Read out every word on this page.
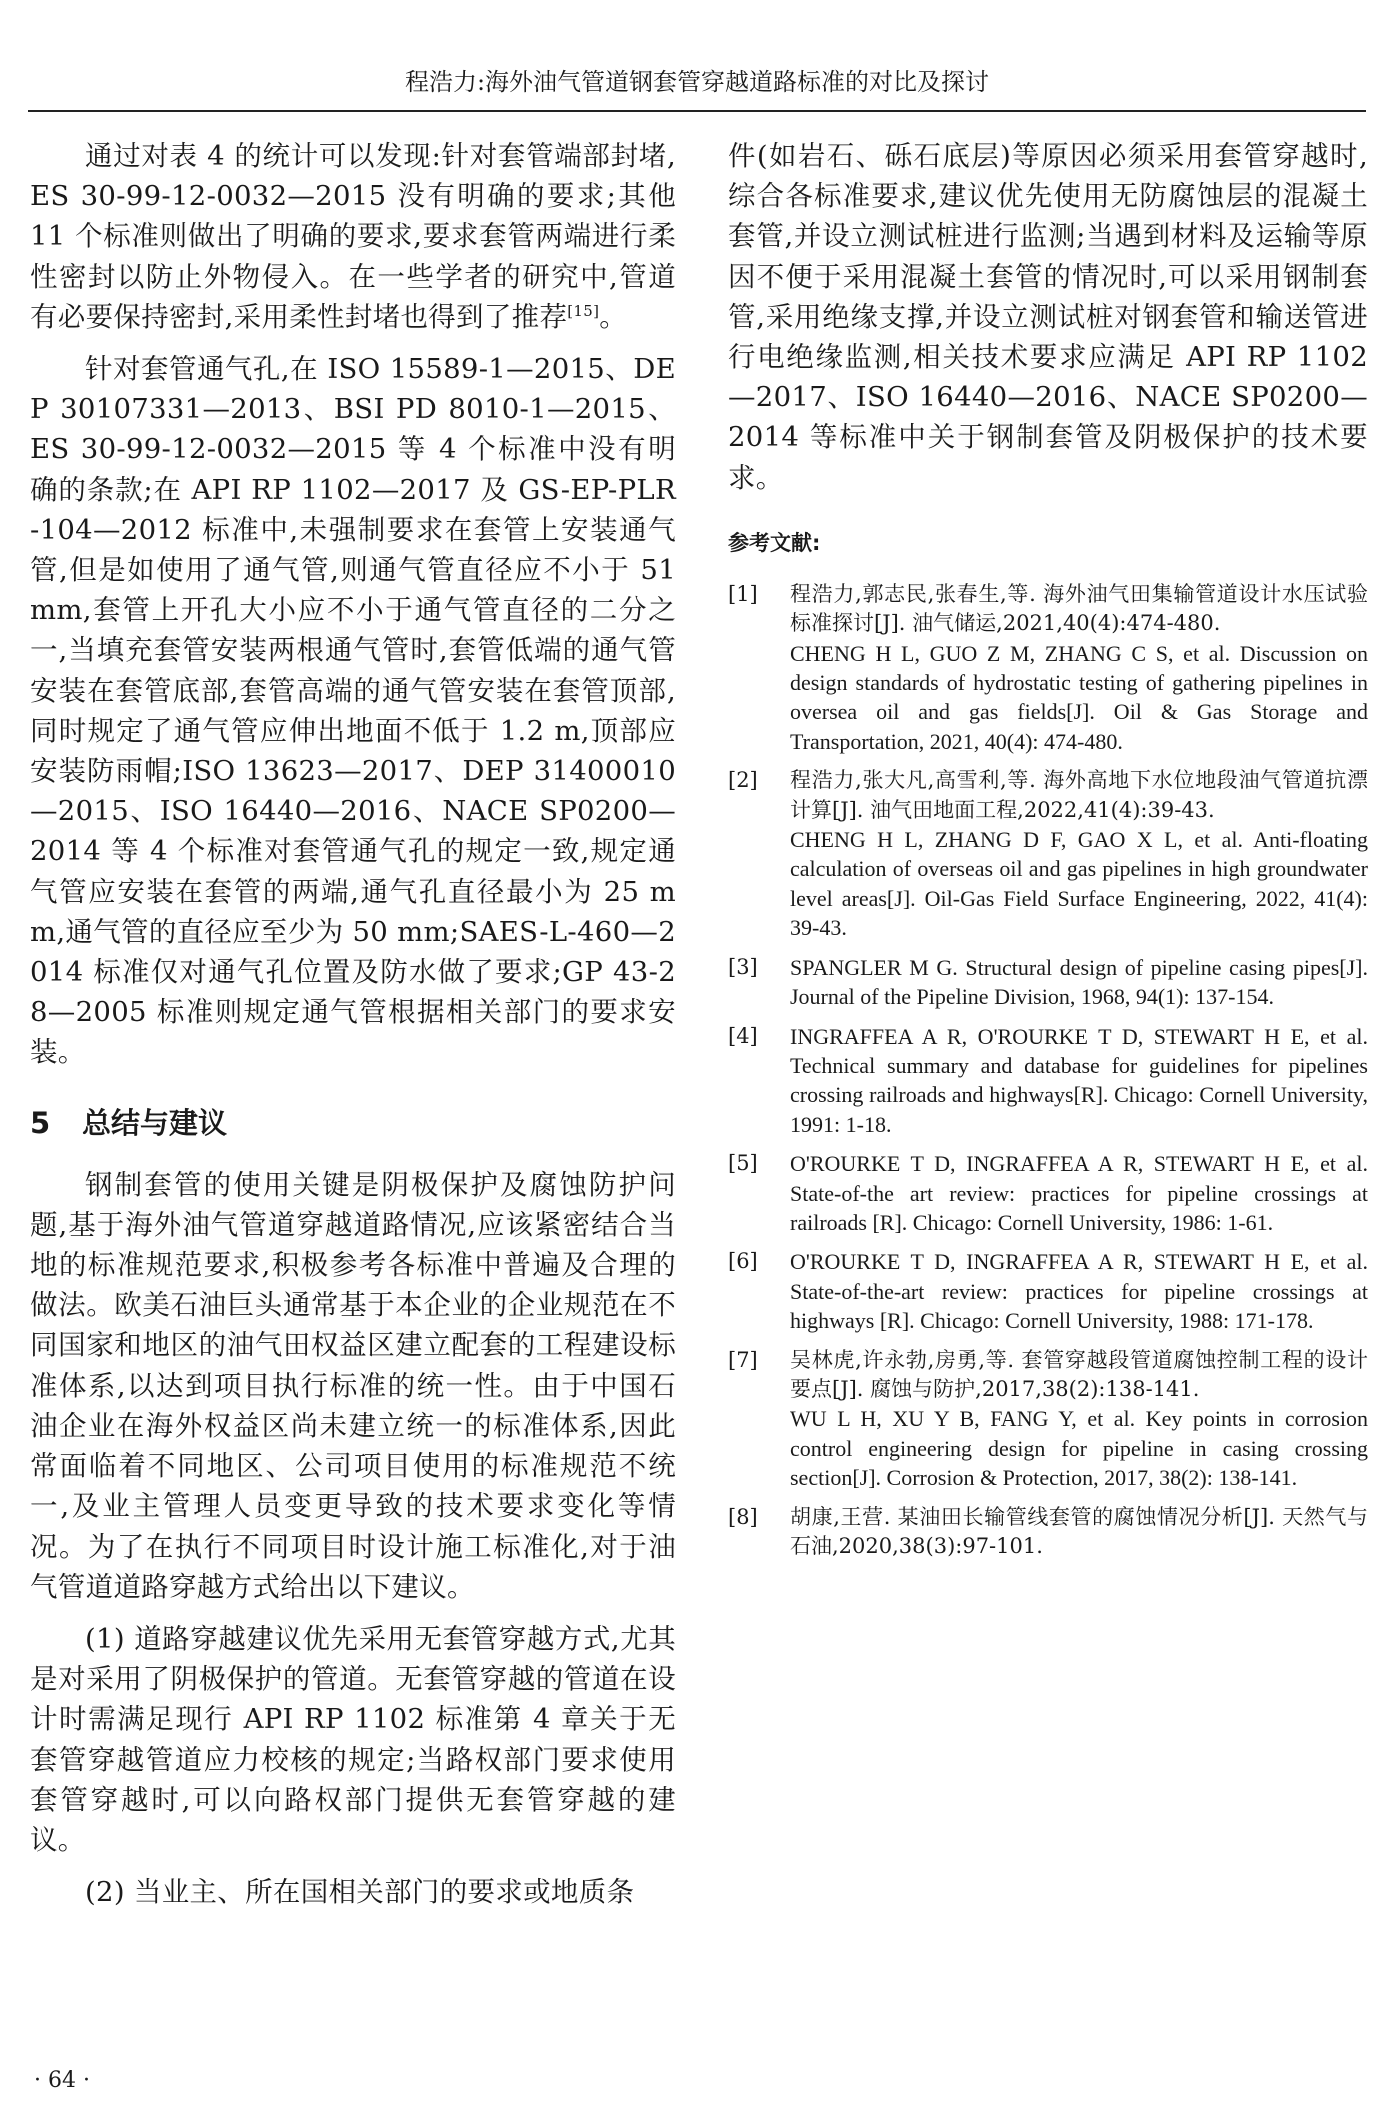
程浩力:海外油气管道钢套管穿越道路标准的对比及探讨

通过对表 4 的统计可以发现:针对套管端部封堵,ES 30-99-12-0032—2015 没有明确的要求;其他 11 个标准则做出了明确的要求,要求套管两端进行柔性密封以防止外物侵入。在一些学者的研究中,管道有必要保持密封,采用柔性封堵也得到了推荐[15]。

针对套管通气孔,在 ISO 15589-1—2015、DEP 30107331—2013、BSI PD 8010-1—2015、ES 30-99-12-0032—2015 等 4 个标准中没有明确的条款;在 API RP 1102—2017 及 GS-EP-PLR-104—2012 标准中,未强制要求在套管上安装通气管,但是如使用了通气管,则通气管直径应不小于 51 mm,套管上开孔大小应不小于通气管直径的二分之一,当填充套管安装两根通气管时,套管低端的通气管安装在套管底部,套管高端的通气管安装在套管顶部,同时规定了通气管应伸出地面不低于 1.2 m,顶部应安装防雨帽;ISO 13623—2017、DEP 31400010—2015、ISO 16440—2016、NACE SP0200—2014 等 4 个标准对套管通气孔的规定一致,规定通气管应安装在套管的两端,通气孔直径最小为 25 mm,通气管的直径应至少为 50 mm;SAES-L-460—2014 标准仅对通气孔位置及防水做了要求;GP 43-28—2005 标准则规定通气管根据相关部门的要求安装。

5 总结与建议

钢制套管的使用关键是阴极保护及腐蚀防护问题,基于海外油气管道穿越道路情况,应该紧密结合当地的标准规范要求,积极参考各标准中普遍及合理的做法。欧美石油巨头通常基于本企业的企业规范在不同国家和地区的油气田权益区建立配套的工程建设标准体系,以达到项目执行标准的统一性。由于中国石油企业在海外权益区尚未建立统一的标准体系,因此常面临着不同地区、公司项目使用的标准规范不统一,及业主管理人员变更导致的技术要求变化等情况。为了在执行不同项目时设计施工标准化,对于油气管道道路穿越方式给出以下建议。

(1) 道路穿越建议优先采用无套管穿越方式,尤其是对采用了阴极保护的管道。无套管穿越的管道在设计时需满足现行 API RP 1102 标准第 4 章关于无套管穿越管道应力校核的规定;当路权部门要求使用套管穿越时,可以向路权部门提供无套管穿越的建议。

(2) 当业主、所在国相关部门的要求或地质条

件(如岩石、砾石底层)等原因必须采用套管穿越时,综合各标准要求,建议优先使用无防腐蚀层的混凝土套管,并设立测试桩进行监测;当遇到材料及运输等原因不便于采用混凝土套管的情况时,可以采用钢制套管,采用绝缘支撑,并设立测试桩对钢套管和输送管进行电绝缘监测,相关技术要求应满足 API RP 1102—2017、ISO 16440—2016、NACE SP0200—2014 等标准中关于钢制套管及阴极保护的技术要求。

参考文献:
[1]	程浩力,郭志民,张春生,等. 海外油气田集输管道设计水压试验标准探讨[J]. 油气储运,2021,40(4):474-480.

CHENG H L, GUO Z M, ZHANG C S, et al. Discussion on design standards of hydrostatic testing of gathering pipelines in oversea oil and gas fields[J]. Oil & Gas Storage and Transportation, 2021, 40(4): 474-480.

[2]	程浩力,张大凡,高雪利,等. 海外高地下水位地段油气管道抗漂计算[J]. 油气田地面工程,2022,41(4):39-43.

CHENG H L, ZHANG D F, GAO X L, et al. Anti-floating calculation of overseas oil and gas pipelines in high groundwater level areas[J]. Oil-Gas Field Surface Engineering, 2022, 41(4): 39-43.

[3]	SPANGLER M G. Structural design of pipeline casing pipes[J]. Journal of the Pipeline Division, 1968, 94(1): 137-154.

[4]	INGRAFFEA A R, O'ROURKE T D, STEWART H E, et al. Technical summary and database for guidelines for pipelines crossing railroads and highways[R]. Chicago: Cornell University, 1991: 1-18.

[5]	O'ROURKE T D, INGRAFFEA A R, STEWART H E, et al. State-of-the art review: practices for pipeline crossings at railroads [R]. Chicago: Cornell University, 1986: 1-61.

[6]	O'ROURKE T D, INGRAFFEA A R, STEWART H E, et al. State-of-the-art review: practices for pipeline crossings at highways [R]. Chicago: Cornell University, 1988: 171-178.

[7]	吴林虎,许永勃,房勇,等. 套管穿越段管道腐蚀控制工程的设计要点[J]. 腐蚀与防护,2017,38(2):138-141.

WU L H, XU Y B, FANG Y, et al. Key points in corrosion control engineering design for pipeline in casing crossing section[J]. Corrosion & Protection, 2017, 38(2): 138-141.

[8]	胡康,王营. 某油田长输管线套管的腐蚀情况分析[J]. 天然气与石油,2020,38(3):97-101.

· 64 ·
